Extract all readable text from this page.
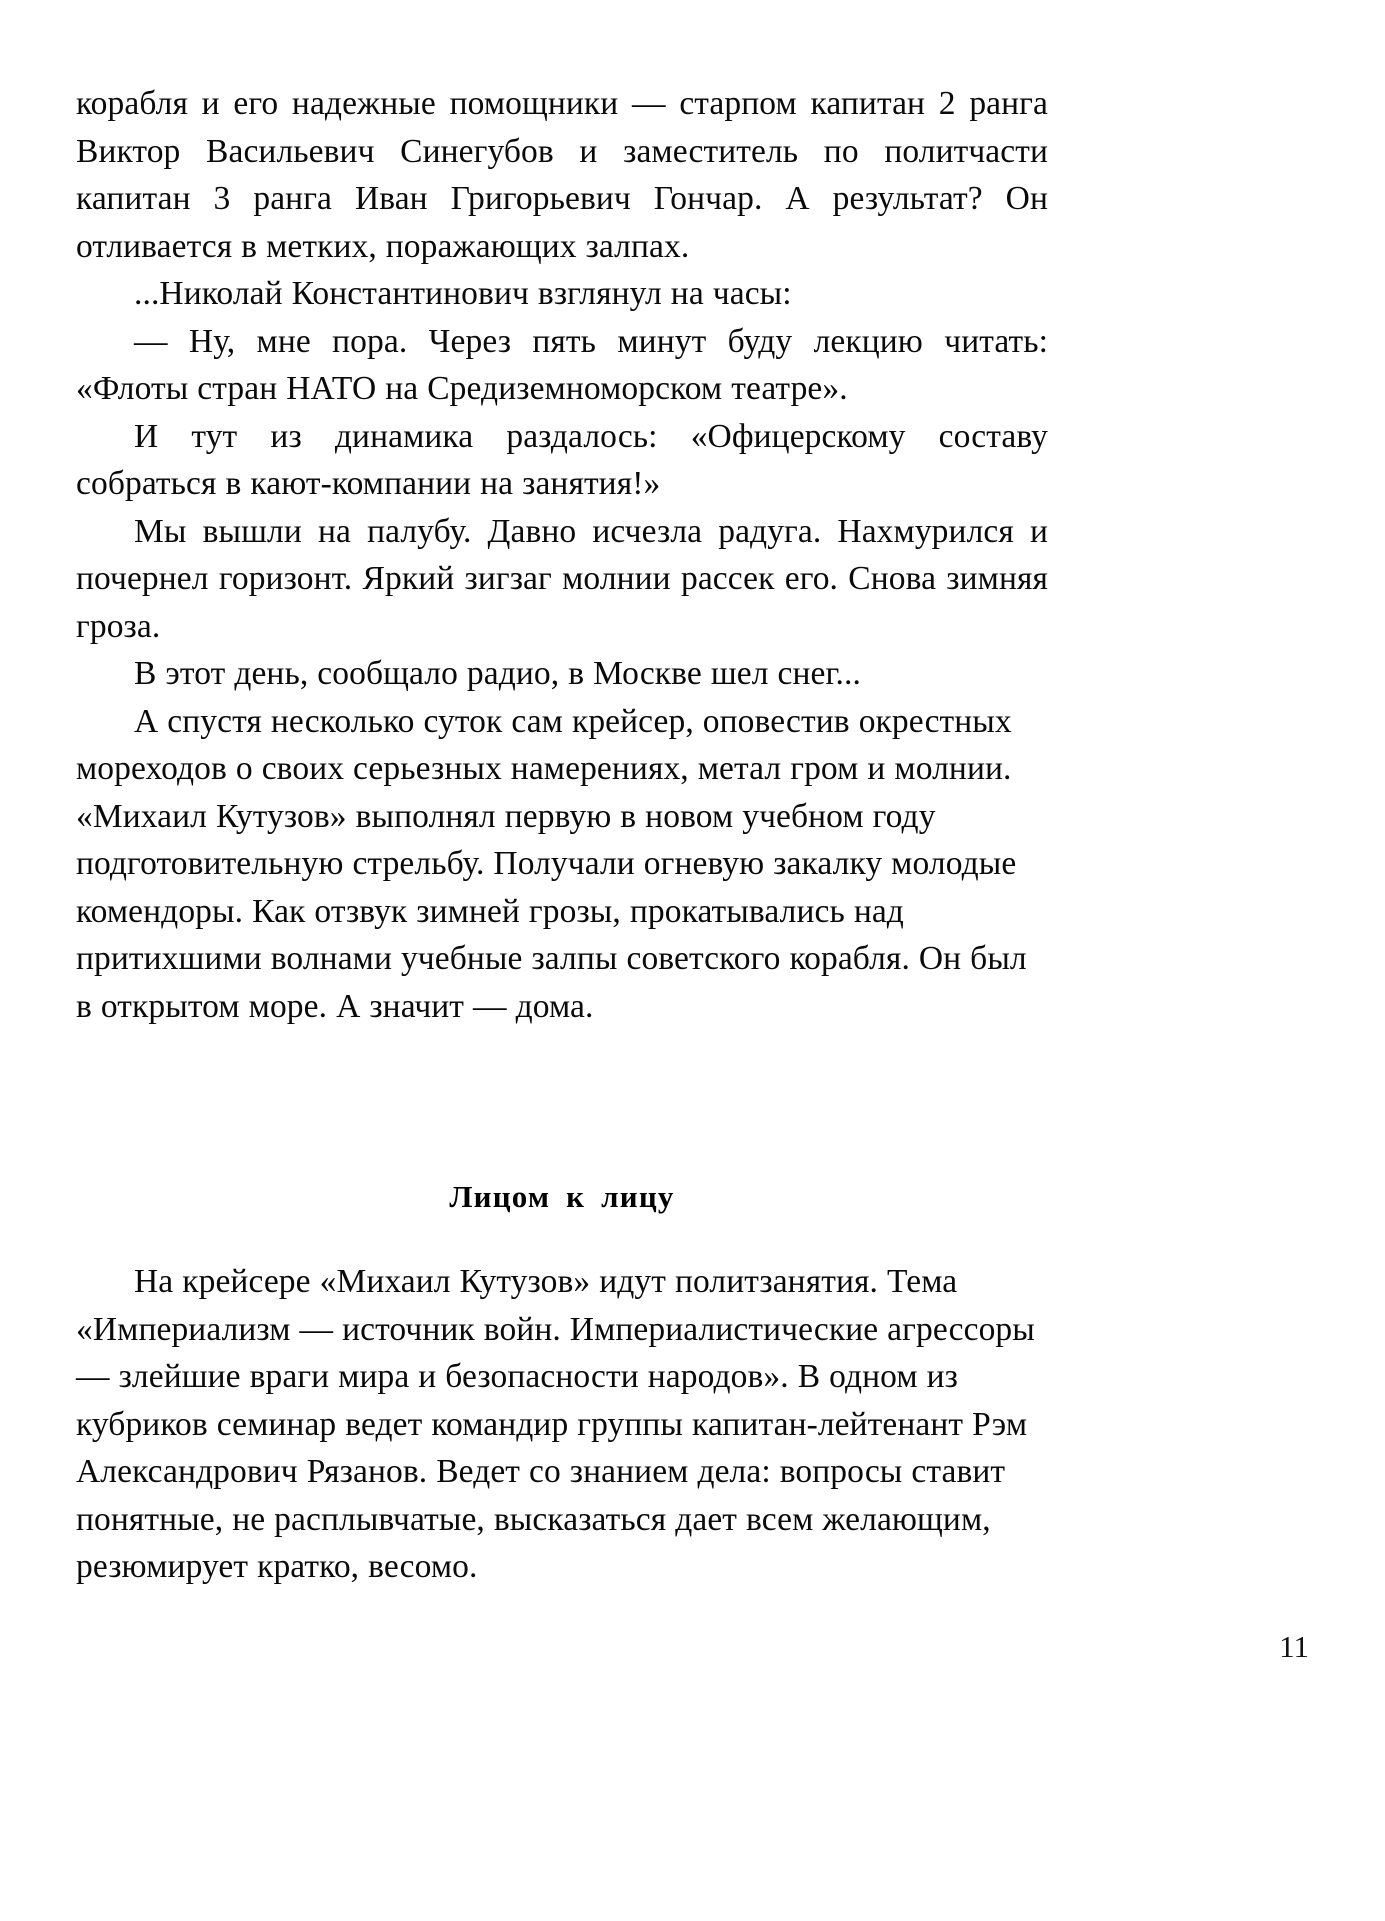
корабля и его надежные помощники — старпом капитан 2 ранга Виктор Васильевич Синегубов и заместитель по политчасти капитан 3 ранга Иван Григорьевич Гончар. А результат? Он отливается в метких, поражающих залпах.

...Николай Константинович взглянул на часы:

— Ну, мне пора. Через пять минут буду лекцию читать: «Флоты стран НАТО на Средиземноморском театре».

И тут из динамика раздалось: «Офицерскому составу собраться в кают-компании на занятия!»

Мы вышли на палубу. Давно исчезла радуга. Нахмурился и почернел горизонт. Яркий зигзаг молнии рассек его. Снова зимняя гроза.

В этот день, сообщало радио, в Москве шел снег...

А спустя несколько суток сам крейсер, оповестив окрестных мореходов о своих серьезных намерениях, метал гром и молнии. «Михаил Кутузов» выполнял первую в новом учебном году подготовительную стрельбу. Получали огневую закалку молодые комендоры. Как отзвук зимней грозы, прокатывались над притихшими волнами учебные залпы советского корабля. Он был в открытом море. А значит — дома.

Лицом к лицу

На крейсере «Михаил Кутузов» идут политзанятия. Тема «Империализм — источник войн. Империалистические агрессоры — злейшие враги мира и безопасности народов». В одном из кубриков семинар ведет командир группы капитан-лейтенант Рэм Александрович Рязанов. Ведет со знанием дела: вопросы ставит понятные, не расплывчатые, высказаться дает всем желающим, резюмирует кратко, весомо.

11
